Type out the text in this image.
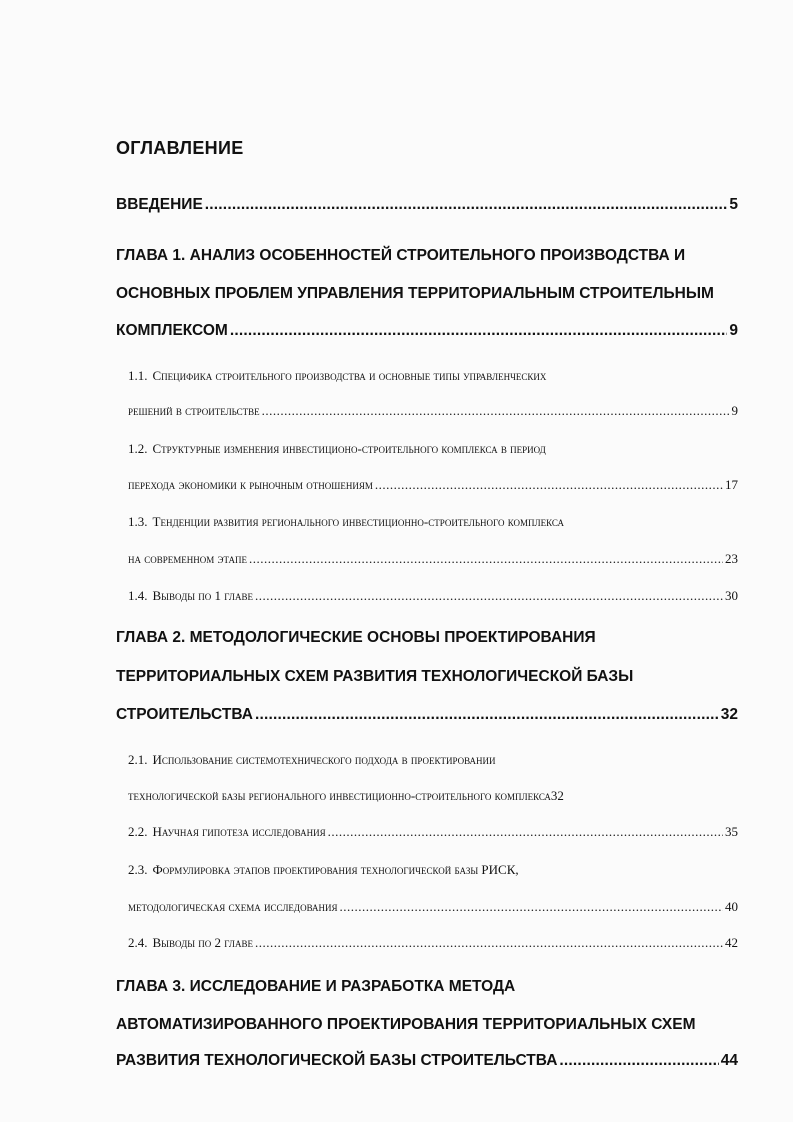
ОГЛАВЛЕНИЕ
ВВЕДЕНИЕ .....	5
ГЛАВА 1. АНАЛИЗ ОСОБЕННОСТЕЙ СТРОИТЕЛЬНОГО ПРОИЗВОДСТВА И
ОСНОВНЫХ ПРОБЛЕМ УПРАВЛЕНИЯ ТЕРРИТОРИАЛЬНЫМ СТРОИТЕЛЬНЫМ
КОМПЛЕКСОМ .....	9
1.1. Специфика строительного производства и основные типы управленческих
решений в строительстве .....	9
1.2. Структурные изменения инвестиционо-строительного комплекса в период
перехода экономики к рыночным отношениям .....	17
1.3. Тенденции развития регионального инвестиционно-строительного комплекса
на современном этапе .....	23
1.4. Выводы по 1 главе .....	30
ГЛАВА 2. МЕТОДОЛОГИЧЕСКИЕ ОСНОВЫ ПРОЕКТИРОВАНИЯ
ТЕРРИТОРИАЛЬНЫХ СХЕМ РАЗВИТИЯ ТЕХНОЛОГИЧЕСКОЙ БАЗЫ
СТРОИТЕЛЬСТВА .....	32
2.1. Использование системотехнического подхода в проектировании
технологической базы регионального инвестиционно-строительного комплекса 32
2.2. Научная гипотеза исследования .....	35
2.3. Формулировка этапов проектирования технологической базы РИСК,
методологическая схема исследования .....	40
2.4. Выводы по 2 главе .....	42
ГЛАВА 3. ИССЛЕДОВАНИЕ И РАЗРАБОТКА МЕТОДА
АВТОМАТИЗИРОВАННОГО ПРОЕКТИРОВАНИЯ ТЕРРИТОРИАЛЬНЫХ СХЕМ
РАЗВИТИЯ ТЕХНОЛОГИЧЕСКОЙ БАЗЫ СТРОИТЕЛЬСТВА .....	44
